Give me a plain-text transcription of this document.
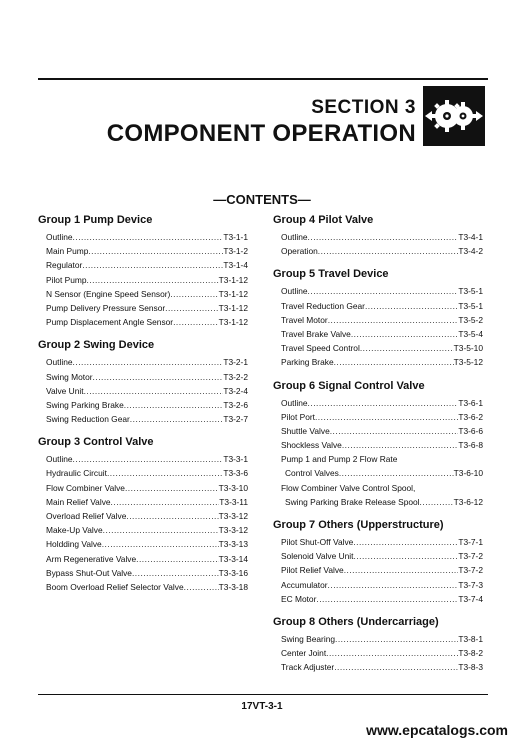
SECTION 3
COMPONENT OPERATION
—CONTENTS—
Group 1 Pump Device
Outline .....	T3-1-1
Main Pump .....	T3-1-2
Regulator .....	T3-1-4
Pilot Pump .....	T3-1-12
N Sensor (Engine Speed Sensor) .....	T3-1-12
Pump Delivery Pressure Sensor .....	T3-1-12
Pump Displacement Angle Sensor .....	T3-1-12
Group 2 Swing Device
Outline .....	T3-2-1
Swing Motor .....	T3-2-2
Valve Unit .....	T3-2-4
Swing Parking Brake .....	T3-2-6
Swing Reduction Gear .....	T3-2-7
Group 3 Control Valve
Outline .....	T3-3-1
Hydraulic Circuit .....	T3-3-6
Flow Combiner Valve .....	T3-3-10
Main Relief Valve .....	T3-3-11
Overload Relief Valve .....	T3-3-12
Make-Up Valve .....	T3-3-12
Holdding Valve .....	T3-3-13
Arm Regenerative Valve .....	T3-3-14
Bypass Shut-Out Valve .....	T3-3-16
Boom Overload Relief Selector Valve .....	T3-3-18
Group 4 Pilot Valve
Outline .....	T3-4-1
Operation .....	T3-4-2
Group 5 Travel Device
Outline .....	T3-5-1
Travel Reduction Gear .....	T3-5-1
Travel Motor .....	T3-5-2
Travel Brake Valve .....	T3-5-4
Travel Speed Control .....	T3-5-10
Parking Brake .....	T3-5-12
Group 6 Signal Control Valve
Outline .....	T3-6-1
Pilot Port .....	T3-6-2
Shuttle Valve .....	T3-6-6
Shockless Valve .....	T3-6-8
Pump 1 and Pump 2 Flow Rate
Control Valves .....	T3-6-10
Flow Combiner Valve Control Spool,
Swing Parking Brake Release Spool .....	T3-6-12
Group 7 Others (Upperstructure)
Pilot Shut-Off Valve .....	T3-7-1
Solenoid Valve Unit .....	T3-7-2
Pilot Relief Valve .....	T3-7-2
Accumulator .....	T3-7-3
EC Motor .....	T3-7-4
Group 8 Others (Undercarriage)
Swing Bearing .....	T3-8-1
Center Joint .....	T3-8-2
Track Adjuster .....	T3-8-3
17VT-3-1
www.epcatalogs.com
